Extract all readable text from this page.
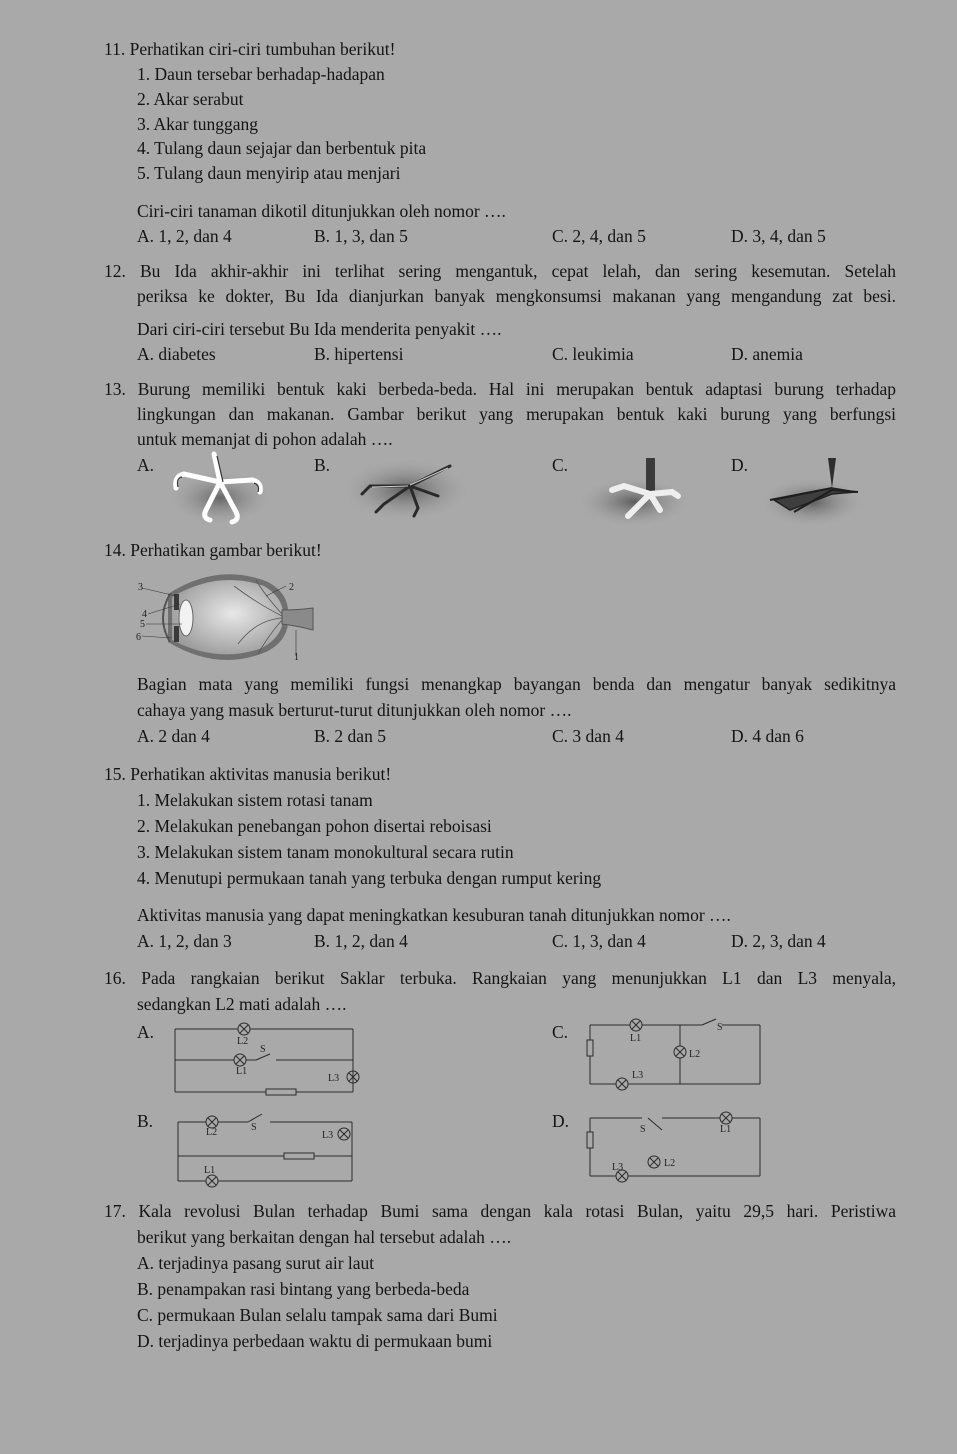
11. Perhatikan ciri-ciri tumbuhan berikut!
1. Daun tersebar berhadap-hadapan
2. Akar serabut
3. Akar tunggang
4. Tulang daun sejajar dan berbentuk pita
5. Tulang daun menyirip atau menjari
Ciri-ciri tanaman dikotil ditunjukkan oleh nomor ….
A. 1, 2, dan 4	B. 1, 3, dan 5	C. 2, 4, dan 5	D. 3, 4, dan 5
12. Bu Ida akhir-akhir ini terlihat sering mengantuk, cepat lelah, dan sering kesemutan. Setelah
periksa ke dokter, Bu Ida dianjurkan banyak mengkonsumsi makanan yang mengandung zat besi.
Dari ciri-ciri tersebut Bu Ida menderita penyakit ….
A. diabetes	B. hipertensi	C. leukimia	D. anemia
13. Burung memiliki bentuk kaki berbeda-beda. Hal ini merupakan bentuk adaptasi burung terhadap
lingkungan dan makanan. Gambar berikut yang merupakan bentuk kaki burung yang berfungsi
untuk memanjat di pohon adalah ….
A.	B.	C.	D.
14. Perhatikan gambar berikut!
1
2
3
4
5
6
Bagian mata yang memiliki fungsi menangkap bayangan benda dan mengatur banyak sedikitnya
cahaya yang masuk berturut-turut ditunjukkan oleh nomor ….
A. 2 dan 4	B. 2 dan 5	C. 3 dan 4	D. 4 dan 6
15. Perhatikan aktivitas manusia berikut!
1. Melakukan sistem rotasi tanam
2. Melakukan penebangan pohon disertai reboisasi
3. Melakukan sistem tanam monokultural secara rutin
4. Menutupi permukaan tanah yang terbuka dengan rumput kering
Aktivitas manusia yang dapat meningkatkan kesuburan tanah ditunjukkan nomor ….
A. 1, 2, dan 3	B. 1, 2, dan 4	C. 1, 3, dan 4	D. 2, 3, dan 4
16. Pada rangkaian berikut Saklar terbuka. Rangkaian yang menunjukkan L1 dan L3 menyala,
sedangkan L2 mati adalah ….
A.	C.
B.	D.
L2
S
L1
L3
L1
L2
L3
S
L2	S
L3
L1
S	L1
L2
L3
17. Kala revolusi Bulan terhadap Bumi sama dengan kala rotasi Bulan, yaitu 29,5 hari. Peristiwa
berikut yang berkaitan dengan hal tersebut adalah ….
A. terjadinya pasang surut air laut
B. penampakan rasi bintang yang berbeda-beda
C. permukaan Bulan selalu tampak sama dari Bumi
D. terjadinya perbedaan waktu di permukaan bumi
